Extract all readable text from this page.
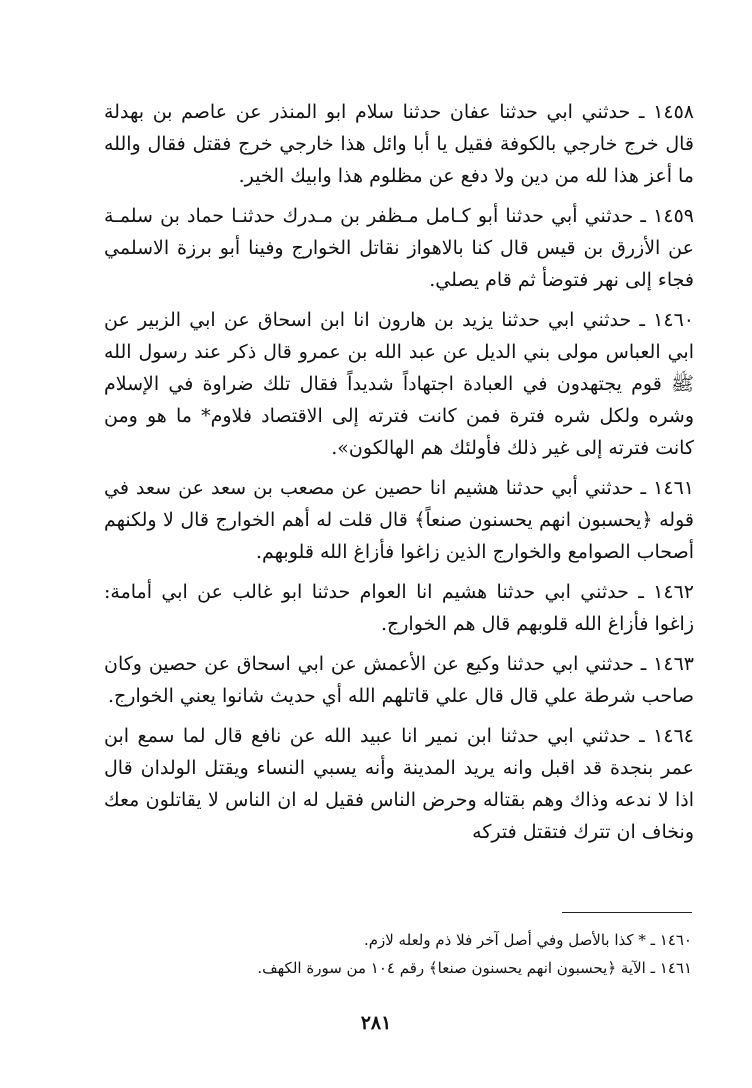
١٤٥٨ ـ حدثني ابي حدثنا عفان حدثنا سلام ابو المنذر عن عاصم بن بهدلة قال خرج خارجي بالكوفة فقيل يا أبا وائل هذا خارجي خرج فقتل فقال والله ما أعز هذا لله من دين ولا دفع عن مظلوم هذا وابيك الخير.

١٤٥٩ ـ حدثني أبي حدثنا أبو كـامل مـظفر بن مـدرك حدثنـا حماد بن سلمـة عن الأزرق بن قيس قال كنا بالاهواز نقاتل الخوارج وفينا أبو برزة الاسلمي فجاء إلى نهر فتوضأ ثم قام يصلي.

١٤٦٠ ـ حدثني ابي حدثنا يزيد بن هارون انا ابن اسحاق عن ابي الزبير عن ابي العباس مولى بني الديل عن عبد الله بن عمرو قال ذكر عند رسول الله ﷺ قوم يجتهدون في العبادة اجتهاداً شديداً فقال تلك ضراوة في الإسلام وشره ولكل شره فترة فمن كانت فترته إلى الاقتصاد فلاوم* ما هو ومن كانت فترته إلى غير ذلك فأولئك هم الهالكون».

١٤٦١ ـ حدثني أبي حدثنا هشيم انا حصين عن مصعب بن سعد عن سعد في قوله ﴿يحسبون انهم يحسنون صنعاً﴾ قال قلت له أهم الخوارج قال لا ولكنهم أصحاب الصوامع والخوارج الذين زاغوا فأزاغ الله قلوبهم.

١٤٦٢ ـ حدثني ابي حدثنا هشيم انا العوام حدثنا ابو غالب عن ابي أمامة: زاغوا فأزاغ الله قلوبهم قال هم الخوارج.

١٤٦٣ ـ حدثني ابي حدثنا وكيع عن الأعمش عن ابي اسحاق عن حصين وكان صاحب شرطة علي قال قال علي قاتلهم الله أي حديث شانوا يعني الخوارج.

١٤٦٤ ـ حدثني ابي حدثنا ابن نمير انا عبيد الله عن نافع قال لما سمع ابن عمر بنجدة قد اقبل وانه يريد المدينة وأنه يسبي النساء ويقتل الولدان قال اذا لا ندعه وذاك وهم بقتاله وحرض الناس فقيل له ان الناس لا يقاتلون معك ونخاف ان تترك فتقتل فتركه

١٤٦٠ ـ * كذا بالأصل وفي أصل آخر فلا ذم ولعله لازم.

١٤٦١ ـ الآية ﴿يحسبون انهم يحسنون صنعا﴾ رقم ١٠٤ من سورة الكهف.

٢٨١
